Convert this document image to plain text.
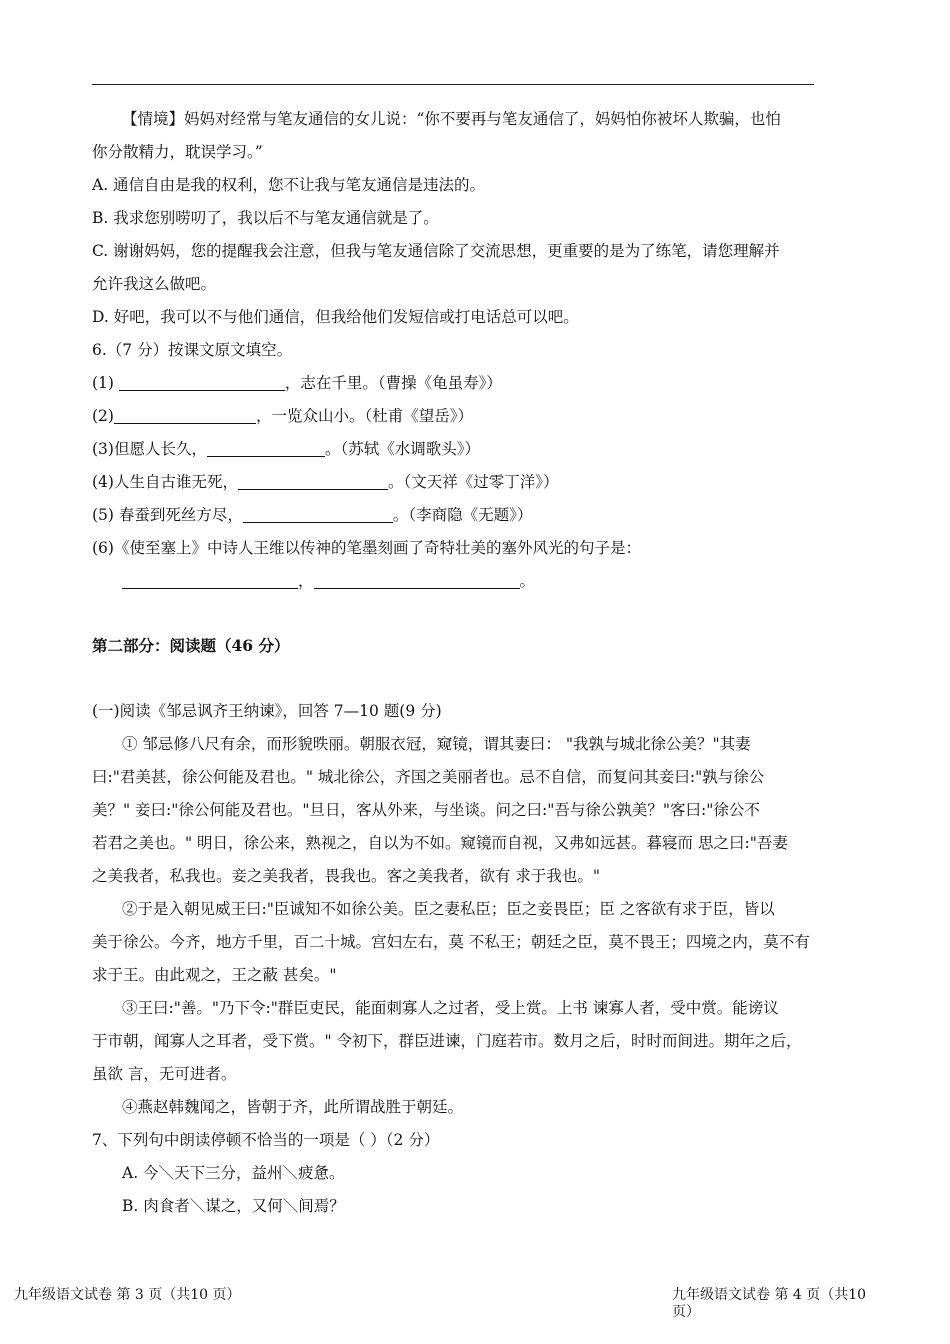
【情境】妈妈对经常与笔友通信的女儿说：“你不要再与笔友通信了，妈妈怕你被坏人欺骗，也怕
你分散精力，耽误学习。”
A. 通信自由是我的权利，您不让我与笔友通信是违法的。
B. 我求您别唠叨了，我以后不与笔友通信就是了。
C. 谢谢妈妈，您的提醒我会注意，但我与笔友通信除了交流思想，更重要的是为了练笔，请您理解并
允许我这么做吧。
D. 好吧，我可以不与他们通信，但我给他们发短信或打电话总可以吧。
6.（7 分）按课文原文填空。
(1)	，志在千里。（曹操《龟虽寿》）
(2)	，一览众山小。（杜甫《望岳》）
(3)但愿人长久，	。（苏轼《水调歌头》）
(4)人生自古谁无死，	。（文天祥《过零丁洋》）
(5) 春蚕到死丝方尽，	。（李商隐《无题》）
(6)《使至塞上》中诗人王维以传神的笔墨刻画了奇特壮美的塞外风光的句子是：
，	。
第二部分：阅读题（46 分）
(一)阅读《邹忌讽齐王纳谏》，回答 7—10 题(9 分)
① 邹忌修八尺有余，而形貌昳丽。朝服衣冠，窥镜，谓其妻曰： "我孰与城北徐公美？"其妻
曰:"君美甚，徐公何能及君也。" 城北徐公，齐国之美丽者也。忌不自信，而复问其妾曰:"孰与徐公
美？" 妾曰:"徐公何能及君也。"旦日，客从外来，与坐谈。问之曰:"吾与徐公孰美？"客曰:"徐公不
若君之美也。" 明日，徐公来，熟视之，自以为不如。窥镜而自视，又弗如远甚。暮寝而 思之曰:"吾妻
之美我者，私我也。妾之美我者，畏我也。客之美我者，欲有 求于我也。"
②于是入朝见威王曰:"臣诚知不如徐公美。臣之妻私臣；臣之妾畏臣；臣 之客欲有求于臣，皆以
美于徐公。今齐，地方千里，百二十城。宫妇左右，莫 不私王；朝廷之臣，莫不畏王；四境之内，莫不有
求于王。由此观之，王之蔽 甚矣。"
③王曰:"善。"乃下令:"群臣吏民，能面刺寡人之过者，受上赏。上书 谏寡人者，受中赏。能谤议
于市朝，闻寡人之耳者，受下赏。" 令初下，群臣进谏，门庭若市。数月之后，时时而间进。期年之后，
虽欲 言，无可进者。
④燕赵韩魏闻之，皆朝于齐，此所谓战胜于朝廷。
7、下列句中朗读停顿不恰当的一项是（ ）（2 分）
A. 今＼天下三分，益州＼疲惫。
B. 肉食者＼谋之，又何＼间焉？
九年级语文试卷 第 3 页（共10 页）	九年级语文试卷 第 4 页（共10
页）
